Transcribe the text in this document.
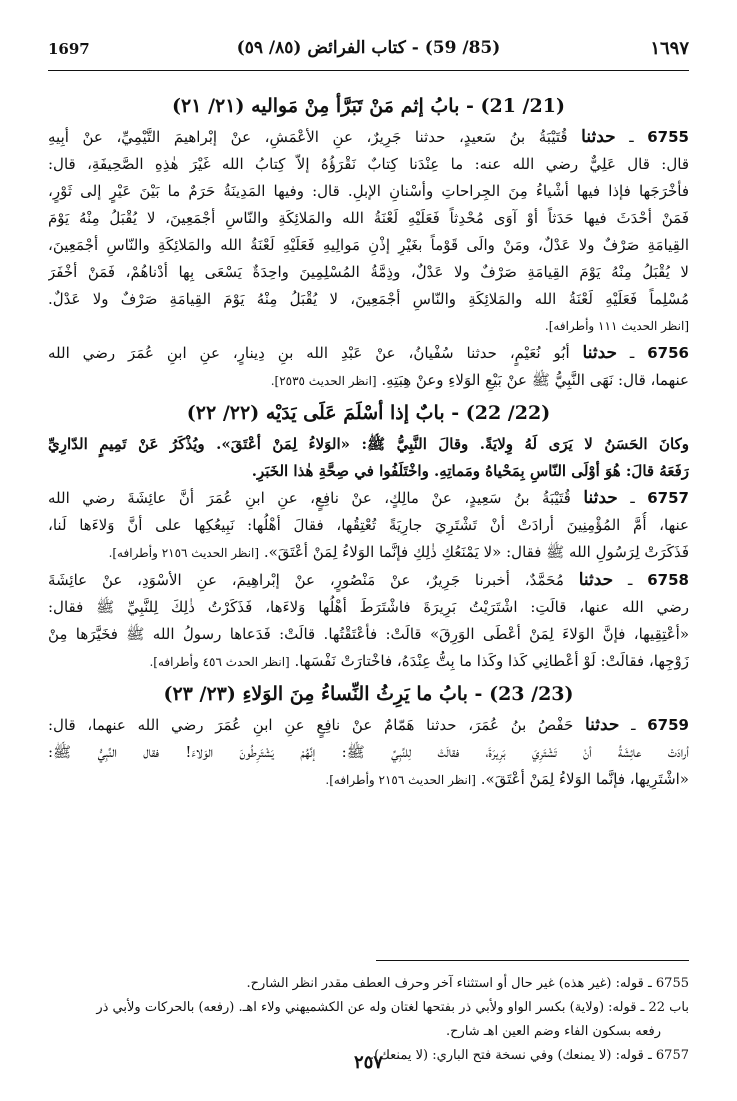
1697	(85/ 59) - كتاب الفرائض (٨٥/ ٥٩)	١٦٩٧
(21/ 21) - بابُ إثم مَنْ تَبَرَّأ مِنْ مَواليه (٢١/ ٢١)
6755 ـ حدثنا قُتَيْبَةُ بنُ سَعيدٍ، حدثنا جَرِيرٌ، عنِ الأعْمَشِ، عنْ إبْراهيمَ التَّيْمِيِّ، عنْ أبِيهِ
قال: قال عَلِيٌّ رضي الله عنه: ما عِنْدَنا كِتابٌ نَقْرَؤُهُ إلاّ كِتابُ الله غَيْرَ هٰذِهِ الصَّحِيفَةِ، قال:
فأخْرَجَها فإذا فيها أشْياءُ مِنَ الجِراحاتِ وأسْنانِ الإبلِ. قال: وفيها المَدِينَةُ حَرَمٌ ما بَيْنَ عَيْرٍ إلى ثَوْرٍ،
فَمَنْ أحْدَثَ فيها حَدَثاً أوْ آوَى مُحْدِثاً فَعَلَيْهِ لَعْنَةُ الله والمَلائِكَةِ والنّاسِ أجْمَعِينَ، لا يُقْبَلُ مِنْهُ يَوْمَ
القِيامَةِ صَرْفٌ ولا عَدْلٌ، ومَنْ والَى قَوْماً بغَيْرِ إذْنِ مَوالِيهِ فَعَلَيْهِ لَعْنَةُ الله والمَلائِكَةِ والنّاسِ أجْمَعِينَ،
لا يُقْبَلُ مِنْهُ يَوْمَ القِيامَةِ صَرْفٌ ولا عَدْلٌ، وذِمَّةُ المُسْلِمِينَ واحِدَةٌ يَسْعَى بِها أدْناهُمْ، فَمَنْ أخْفَرَ
مُسْلِماً فَعَلَيْهِ لَعْنَةُ الله والمَلائِكَةِ والنّاسِ أجْمَعِينَ، لا يُقْبَلُ مِنْهُ يَوْمَ القِيامَةِ صَرْفٌ ولا عَدْلٌ.
[انظر الحديث ١١١ وأطرافه].
6756 ـ حدثنا أبُو نُعَيْمٍ، حدثنا سُفْيانُ، عنْ عَبْدِ الله بنِ دِينارٍ، عنِ ابنِ عُمَرَ رضي الله
عنهما، قال: نَهَى النَّبِيُّ ﷺ عنْ بَيْعِ الوَلاءِ وعنْ هِبَتِهِ. [انظر الحديث ٢٥٣٥].
(22/ 22) - بابٌ إذا أسْلَمَ عَلَى يَدَيْه (٢٢/ ٢٢)
وكانَ الحَسَنُ لا يَرَى لَهُ وِلايَةً. وقالَ النَّبِيُّ ﷺ: «الوَلاءُ لِمَنْ أعْتَقَ». ويُذْكَرُ عَنْ تَمِيمٍ الدّارِيِّ
رَفَعَهُ قالَ: هُوَ أوْلَى النّاسِ بِمَحْياهُ ومَماتِهِ. واخْتَلَفُوا في صِحَّةِ هٰذا الخَبَرِ.
6757 ـ حدثنا قُتَيْبَةُ بنُ سَعِيدٍ، عنْ مالِكٍ، عنْ نافِعٍ، عنِ ابنِ عُمَرَ أنَّ عائِشَةَ رضي الله
عنها، أُمَّ المُؤْمِنِينَ أرادَتْ أنْ تَشْتَرِيَ جارِيَةً تُعْتِقُها، فقالَ أهْلُها: نَبِيعُكِها على أنَّ وَلاءَها لَنا،
فَذَكَرَتْ لِرَسُولِ الله ﷺ فقال: «لا يَمْنَعُكِ ذٰلِكِ فإنَّما الوَلاءُ لِمَنْ أعْتَقَ». [انظر الحديث ٢١٥٦ وأطرافه].
6758 ـ حدثنا مُحَمَّدٌ، أخبرنا جَرِيرٌ، عنْ مَنْصُورٍ، عنْ إبْراهِيمَ، عنِ الأسْوَدِ، عنْ عائِشَةَ
رضي الله عنها، قالَتِ: اشْتَرَيْتُ بَرِيرَةَ فاشْتَرَطَ أهْلُها وَلاءَها، فَذَكَرْتُ ذٰلِكَ لِلنَّبِيِّ ﷺ فقال:
«أعْتِقِيها، فإنَّ الوَلاءَ لِمَنْ أعْطَى الوَرِقَ» قالَتْ: فأعْتَقْتُها. قالَتْ: فَدَعاها رسولُ الله ﷺ فخَيَّرَها مِنْ
زَوْجِها، فقالَتْ: لَوْ أعْطانِي كَذا وكَذا ما بِتُّ عِنْدَهُ، فاخْتارَتْ نَفْسَها. [انظر الحدث ٤٥٦ وأطرافه].
(23/ 23) - بابُ ما يَرِثُ النِّساءُ مِنَ الوَلاءِ (٢٣/ ٢٣)
6759 ـ حدثنا حَفْصُ بنُ عُمَرَ، حدثنا هَمّامٌ عنْ نافِعٍ عنِ ابنِ عُمَرَ رضي الله عنهما، قال:
أرادَتْ عائِشَةُ أنْ تَشْتَرِيَ بَرِيرَةَ، فقالَتْ لِلنَّبِيِّ ﷺ: إنَّهُمْ يَشْتَرِطُونَ الوَلاءَ! فقال النَّبِيُّ ﷺ:
«اشْتَرِيها، فإنَّما الوَلاءُ لِمَنْ أعْتَقَ». [انظر الحديث ٢١٥٦ وأطرافه].
6755 ـ قوله: (غير هذه) غير حال أو استثناء آخر وحرف العطف مقدر انظر الشارح.
باب 22 ـ قوله: (ولاية) بكسر الواو ولأبي ذر بفتحها لغتان وله عن الكشميهني ولاء اهـ. (رفعه) بالحركات ولأبي ذر
رفعه بسكون الفاء وضم العين اهـ شارح.
6757 ـ قوله: (لا يمنعك) وفي نسخة فتح الباري: (لا يمنعك).
٢٥٧
